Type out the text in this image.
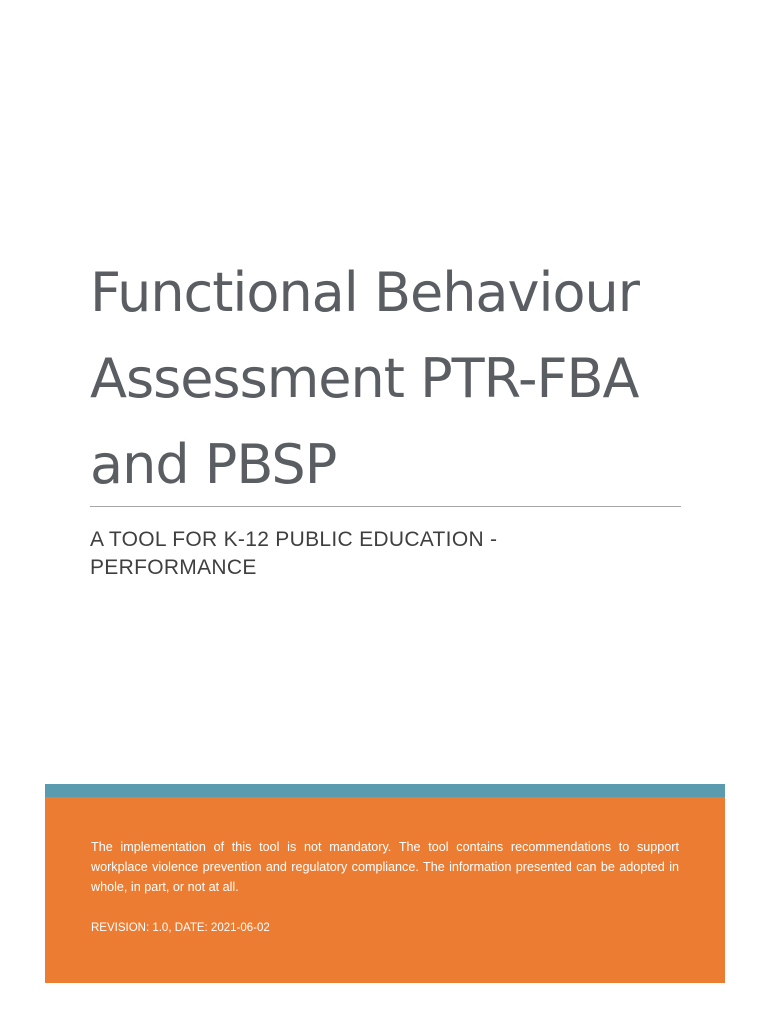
Functional Behaviour
Assessment PTR-FBA
and PBSP
A TOOL FOR K-12 PUBLIC EDUCATION -
PERFORMANCE

The implementation of this tool is not mandatory. The tool contains recommendations to support workplace violence prevention and regulatory compliance. The information presented can be adopted in whole, in part, or not at all.

REVISION: 1.0, DATE: 2021-06-02
